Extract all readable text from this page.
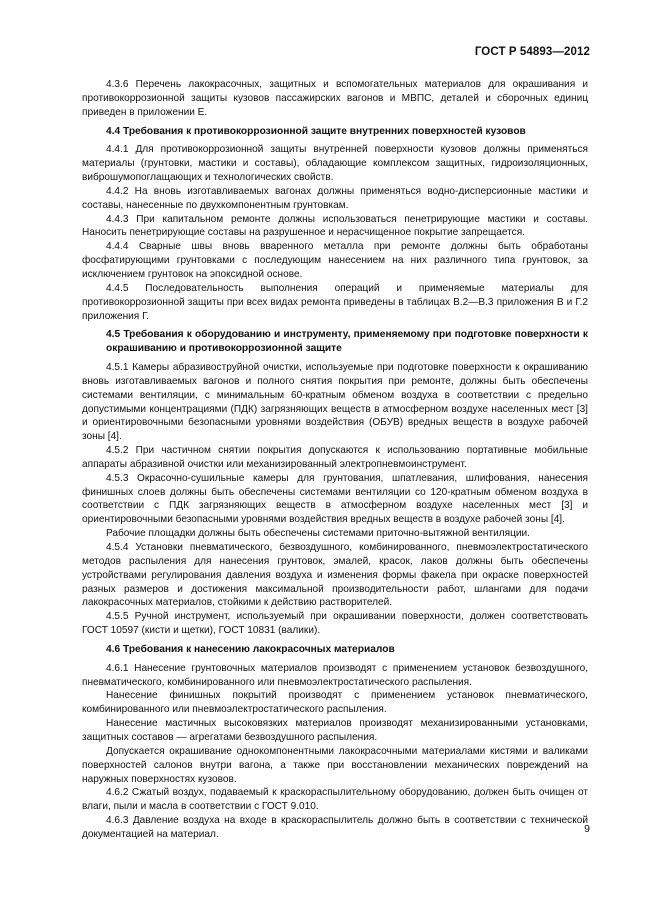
ГОСТ Р 54893—2012

4.3.6 Перечень лакокрасочных, защитных и вспомогательных материалов для окрашивания и противокоррозионной защиты кузовов пассажирских вагонов и МВПС, деталей и сборочных единиц приведен в приложении Е.

4.4 Требования к противокоррозионной защите внутренних поверхностей кузовов

4.4.1 Для противокоррозионной защиты внутренней поверхности кузовов должны применяться материалы (грунтовки, мастики и составы), обладающие комплексом защитных, гидроизоляционных, виброшумопоглащающих и технологических свойств.

4.4.2 На вновь изготавливаемых вагонах должны применяться водно-дисперсионные мастики и составы, нанесенные по двухкомпонентным грунтовкам.

4.4.3 При капитальном ремонте должны использоваться пенетрирующие мастики и составы. Наносить пенетрирующие составы на разрушенное и нерасчищенное покрытие запрещается.

4.4.4 Сварные швы вновь вваренного металла при ремонте должны быть обработаны фосфатирующими грунтовками с последующим нанесением на них различного типа грунтовок, за исключением грунтовок на эпоксидной основе.

4.4.5 Последовательность выполнения операций и применяемые материалы для противокоррозионной защиты при всех видах ремонта приведены в таблицах В.2—В.3 приложения В и Г.2 приложения Г.

4.5 Требования к оборудованию и инструменту, применяемому при подготовке поверхности к окрашиванию и противокоррозионной защите

4.5.1 Камеры абразивоструйной очистки, используемые при подготовке поверхности к окрашиванию вновь изготавливаемых вагонов и полного снятия покрытия при ремонте, должны быть обеспечены системами вентиляции, с минимальным 60-кратным обменом воздуха в соответствии с предельно допустимыми концентрациями (ПДК) загрязняющих веществ в атмосферном воздухе населенных мест [3] и ориентировочными безопасными уровнями воздействия (ОБУВ) вредных веществ в воздухе рабочей зоны [4].

4.5.2 При частичном снятии покрытия допускаются к использованию портативные мобильные аппараты абразивной очистки или механизированный электропневмоинструмент.

4.5.3 Окрасочно-сушильные камеры для грунтования, шпатлевания, шлифования, нанесения финишных слоев должны быть обеспечены системами вентиляции со 120-кратным обменом воздуха в соответствии с ПДК загрязняющих веществ в атмосферном воздухе населенных мест [3] и ориентировочными безопасными уровнями воздействия вредных веществ в воздухе рабочей зоны [4].

Рабочие площадки должны быть обеспечены системами приточно-вытяжной вентиляции.

4.5.4 Установки пневматического, безвоздушного, комбинированного, пневмоэлектростатического методов распыления для нанесения грунтовок, эмалей, красок, лаков должны быть обеспечены устройствами регулирования давления воздуха и изменения формы факела при окраске поверхностей разных размеров и достижения максимальной производительности работ, шлангами для подачи лакокрасочных материалов, стойкими к действию растворителей.

4.5.5 Ручной инструмент, используемый при окрашивании поверхности, должен соответствовать ГОСТ 10597 (кисти и щетки), ГОСТ 10831 (валики).

4.6 Требования к нанесению лакокрасочных материалов

4.6.1 Нанесение грунтовочных материалов производят с применением установок безвоздушного, пневматического, комбинированного или пневмоэлектростатического распыления.

Нанесение финишных покрытий производят с применением установок пневматического, комбинированного или пневмоэлектростатического распыления.

Нанесение мастичных высоковязких материалов производят механизированными установками, защитных составов — агрегатами безвоздушного распыления.

Допускается окрашивание однокомпонентными лакокрасочными материалами кистями и валиками поверхностей салонов внутри вагона, а также при восстановлении механических повреждений на наружных поверхностях кузовов.

4.6.2 Сжатый воздух, подаваемый к краскораспылительному оборудованию, должен быть очищен от влаги, пыли и масла в соответствии с ГОСТ 9.010.

4.6.3 Давление воздуха на входе в краскораспылитель должно быть в соответствии с технической документацией на материал.	9
